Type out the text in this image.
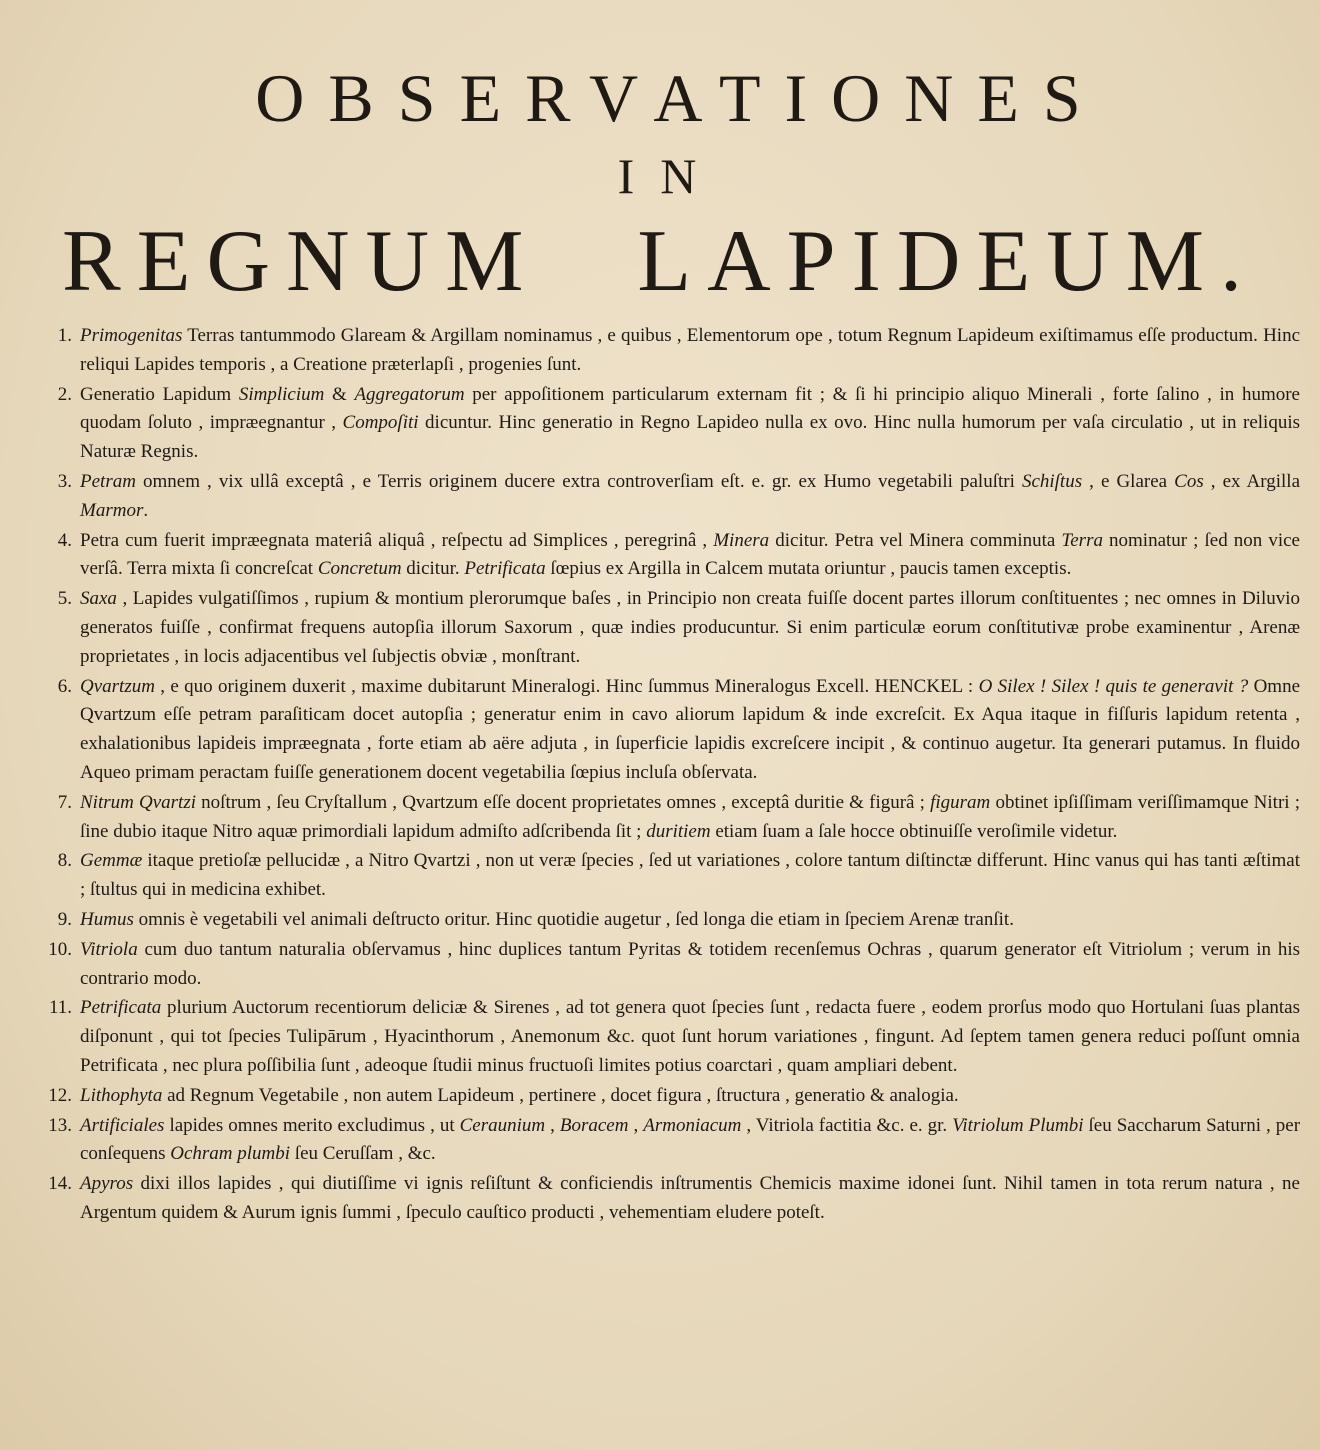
OBSERVATIONES
IN
REGNUM LAPIDEUM.
1. Primogenitas Terras tantummodo Glaream & Argillam nominamus , e quibus , Elementorum ope , totum Regnum Lapideum exiſtimamus eſſe productum. Hinc reliqui Lapides temporis , a Creatione præterlapſi , progenies ſunt.
2. Generatio Lapidum Simplicium & Aggregatorum per appoſitionem particularum externam fit ; & ſi hi principio aliquo Minerali , forte ſalino , in humore quodam ſoluto , impræegnantur , Compoſiti dicuntur. Hinc generatio in Regno Lapideo nulla ex ovo. Hinc nulla humorum per vaſa circulatio , ut in reliquis Naturæ Regnis.
3. Petram omnem , vix ullâ exceptâ , e Terris originem ducere extra controverſiam eſt. e. gr. ex Humo vegetabili paluſtri Schiſtus , e Glarea Cos , ex Argilla Marmor.
4. Petra cum fuerit impræegnata materiâ aliquâ , reſpectu ad Simplices , peregrinâ , Minera dicitur. Petra vel Minera comminuta Terra nominatur ; ſed non vice verſâ. Terra mixta ſi concreſcat Concretum dicitur. Petrificata ſœpius ex Argilla in Calcem mutata oriuntur , paucis tamen exceptis.
5. Saxa , Lapides vulgatiſſimos , rupium & montium plerorumque baſes , in Principio non creata fuiſſe docent partes illorum conſtituentes ; nec omnes in Diluvio generatos fuiſſe , confirmat frequens autopſia illorum Saxorum , quæ indies producuntur. Si enim particulæ eorum conſtitutivæ probe examinentur , Arenæ proprietates , in locis adjacentibus vel ſubjectis obviæ , monſtrant.
6. Qvartzum , e quo originem duxerit , maxime dubitarunt Mineralogi. Hinc ſummus Mineralogus Excell. HENCKEL : O Silex ! Silex ! quis te generavit ? Omne Qvartzum eſſe petram paraſiticam docet autopſia ; generatur enim in cavo aliorum lapidum & inde excreſcit. Ex Aqua itaque in fiſſuris lapidum retenta , exhalationibus lapideis impræegnata , forte etiam ab aëre adjuta , in ſuperficie lapidis excreſcere incipit , & continuo augetur. Ita generari putamus. In fluido Aqueo primam peractam fuiſſe generationem docent vegetabilia ſœpius incluſa obſervata.
7. Nitrum Qvartzi noſtrum , ſeu Cryſtallum , Qvartzum eſſe docent proprietates omnes , exceptâ duritie & figurâ ; figuram obtinet ipſiſſimam veriſſimamque Nitri ; ſine dubio itaque Nitro aquæ primordiali lapidum admiſto adſcribenda ſit ; duritiem etiam ſuam a ſale hocce obtinuiſſe veroſimile videtur.
8. Gemmæ itaque pretioſæ pellucidæ , a Nitro Qvartzi , non ut veræ ſpecies , ſed ut variationes , colore tantum diſtinctæ differunt. Hinc vanus qui has tanti æſtimat ; ſtultus qui in medicina exhibet.
9. Humus omnis è vegetabili vel animali deſtructo oritur. Hinc quotidie augetur , ſed longa die etiam in ſpeciem Arenæ tranſit.
10. Vitriola cum duo tantum naturalia obſervamus , hinc duplices tantum Pyritas & totidem recenſemus Ochras , quarum generator eſt Vitriolum ; verum in his contrario modo.
11. Petrificata plurium Auctorum recentiorum deliciæ & Sirenes , ad tot genera quot ſpecies ſunt , redacta fuere , eodem prorſus modo quo Hortulani ſuas plantas diſponunt , qui tot ſpecies Tulipārum , Hyacinthorum , Anemonum &c. quot ſunt horum variationes , fingunt. Ad ſeptem tamen genera reduci poſſunt omnia Petrificata , nec plura poſſibilia ſunt , adeoque ſtudii minus fructuoſi limites potius coarctari , quam ampliari debent.
12. Lithophyta ad Regnum Vegetabile , non autem Lapideum , pertinere , docet figura , ſtructura , generatio & analogia.
13. Artificiales lapides omnes merito excludimus , ut Ceraunium , Boracem , Armoniacum , Vitriola factitia &c. e. gr. Vitriolum Plumbi ſeu Saccharum Saturni , per conſequens Ochram plumbi ſeu Ceruſſam , &c.
14. Apyros dixi illos lapides , qui diutiſſime vi ignis reſiſtunt & conficiendis inſtrumentis Chemicis maxime idonei ſunt. Nihil tamen in tota rerum natura , ne Argentum quidem & Aurum ignis ſummi , ſpeculo cauſtico producti , vehementiam eludere poteſt.
